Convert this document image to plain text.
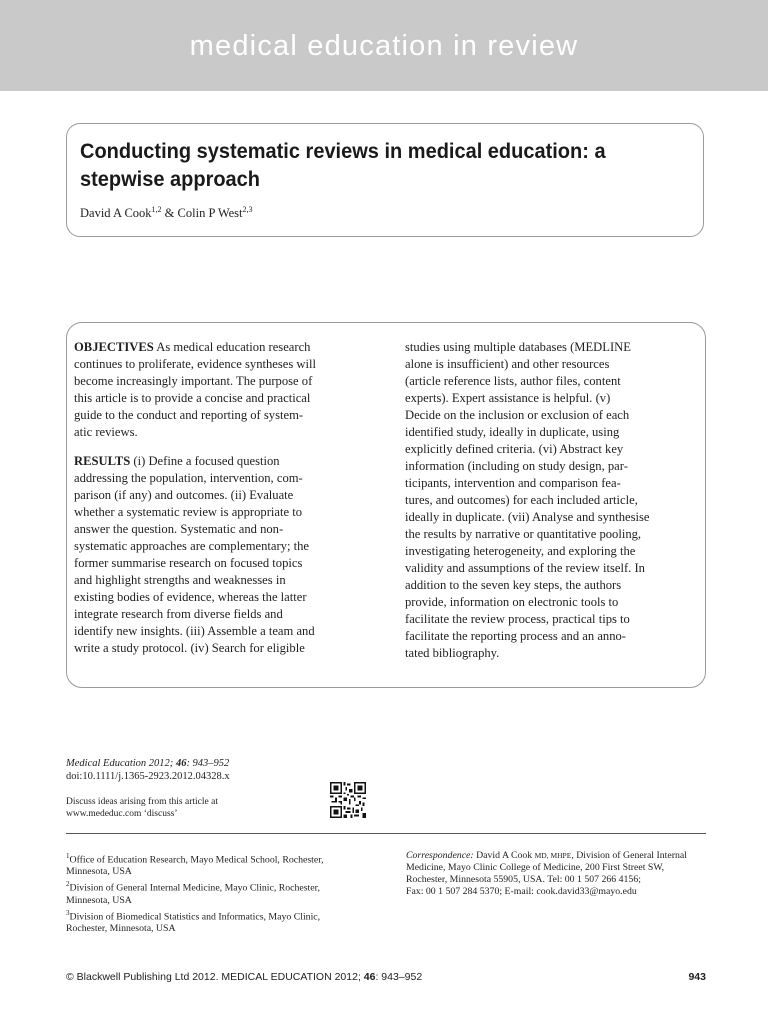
medical education in review
Conducting systematic reviews in medical education: a
stepwise approach
David A Cook$^{1,2}$ & Colin P West$^{2,3}$

OBJECTIVES As medical education research
continues to proliferate, evidence syntheses will
become increasingly important. The purpose of
this article is to provide a concise and practical
guide to the conduct and reporting of system-
atic reviews.

RESULTS (i) Define a focused question
addressing the population, intervention, com-
parison (if any) and outcomes. (ii) Evaluate
whether a systematic review is appropriate to
answer the question. Systematic and non-
systematic approaches are complementary; the
former summarise research on focused topics
and highlight strengths and weaknesses in
existing bodies of evidence, whereas the latter
integrate research from diverse fields and
identify new insights. (iii) Assemble a team and
write a study protocol. (iv) Search for eligible

studies using multiple databases (MEDLINE
alone is insufficient) and other resources
(article reference lists, author files, content
experts). Expert assistance is helpful. (v)
Decide on the inclusion or exclusion of each
identified study, ideally in duplicate, using
explicitly defined criteria. (vi) Abstract key
information (including on study design, par-
ticipants, intervention and comparison fea-
tures, and outcomes) for each included article,
ideally in duplicate. (vii) Analyse and synthesise
the results by narrative or quantitative pooling,
investigating heterogeneity, and exploring the
validity and assumptions of the review itself. In
addition to the seven key steps, the authors
provide, information on electronic tools to
facilitate the review process, practical tips to
facilitate the reporting process and an anno-
tated bibliography.

Medical Education 2012; 46: 943–952
doi:10.1111/j.1365-2923.2012.04328.x
Discuss ideas arising from this article at
www.mededuc.com ‘discuss’
$^1$Office of Education Research, Mayo Medical School, Rochester,
Minnesota, USA
$^2$Division of General Internal Medicine, Mayo Clinic, Rochester,
Minnesota, USA
$^3$Division of Biomedical Statistics and Informatics, Mayo Clinic,
Rochester, Minnesota, USA
Correspondence: David A Cook MD, MHPE, Division of General Internal
Medicine, Mayo Clinic College of Medicine, 200 First Street SW,
Rochester, Minnesota 55905, USA. Tel: 00 1 507 266 4156;
Fax: 00 1 507 284 5370; E-mail: cook.david33@mayo.edu
© Blackwell Publishing Ltd 2012. MEDICAL EDUCATION 2012; 46: 943–952	943
